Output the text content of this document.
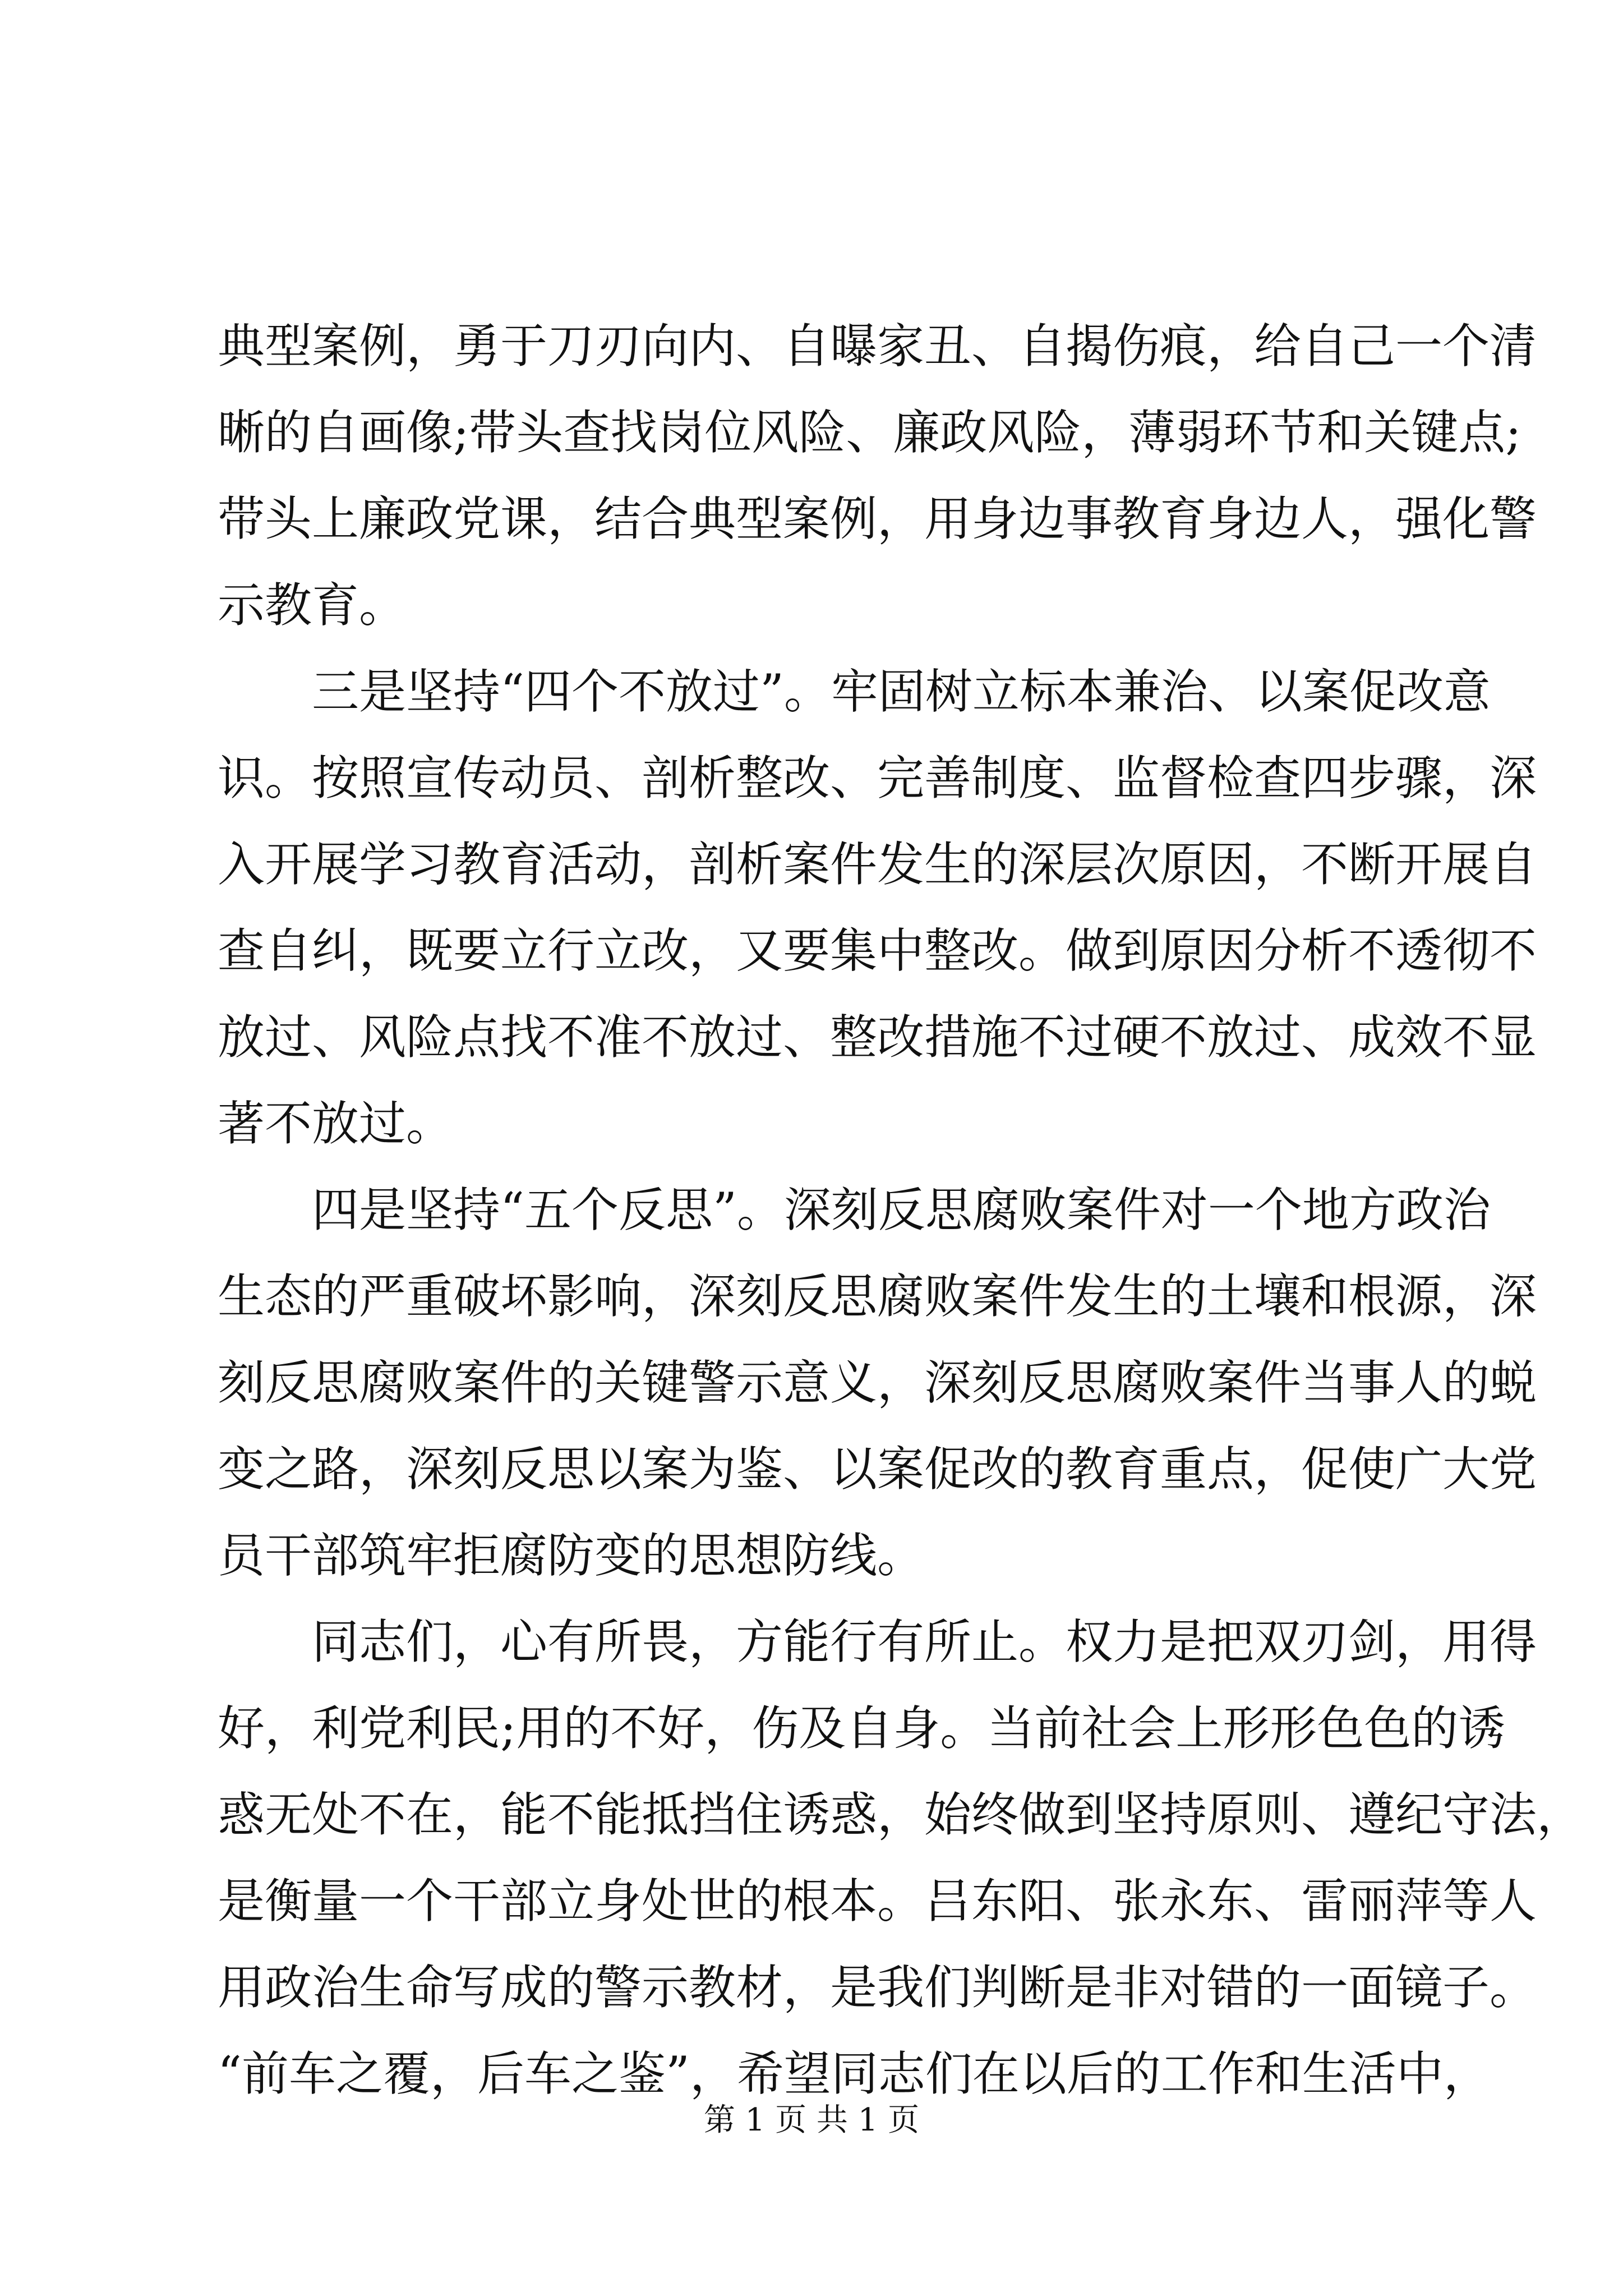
典型案例，勇于刀刃向内、自曝家丑、自揭伤痕，给自己一个清
晰的自画像;带头查找岗位风险、廉政风险，薄弱环节和关键点;
带头上廉政党课，结合典型案例，用身边事教育身边人，强化警
示教育。
三是坚持“四个不放过”。牢固树立标本兼治、以案促改意
识。按照宣传动员、剖析整改、完善制度、监督检查四步骤，深
入开展学习教育活动，剖析案件发生的深层次原因，不断开展自
查自纠，既要立行立改，又要集中整改。做到原因分析不透彻不
放过、风险点找不准不放过、整改措施不过硬不放过、成效不显
著不放过。
四是坚持“五个反思”。深刻反思腐败案件对一个地方政治
生态的严重破坏影响，深刻反思腐败案件发生的土壤和根源，深
刻反思腐败案件的关键警示意义，深刻反思腐败案件当事人的蜕
变之路，深刻反思以案为鉴、以案促改的教育重点，促使广大党
员干部筑牢拒腐防变的思想防线。
同志们，心有所畏，方能行有所止。权力是把双刃剑，用得
好，利党利民;用的不好，伤及自身。当前社会上形形色色的诱
惑无处不在，能不能抵挡住诱惑，始终做到坚持原则、遵纪守法，
是衡量一个干部立身处世的根本。吕东阳、张永东、雷丽萍等人
用政治生命写成的警示教材，是我们判断是非对错的一面镜子。
“前车之覆，后车之鉴”，希望同志们在以后的工作和生活中，
第 1 页 共 1 页
